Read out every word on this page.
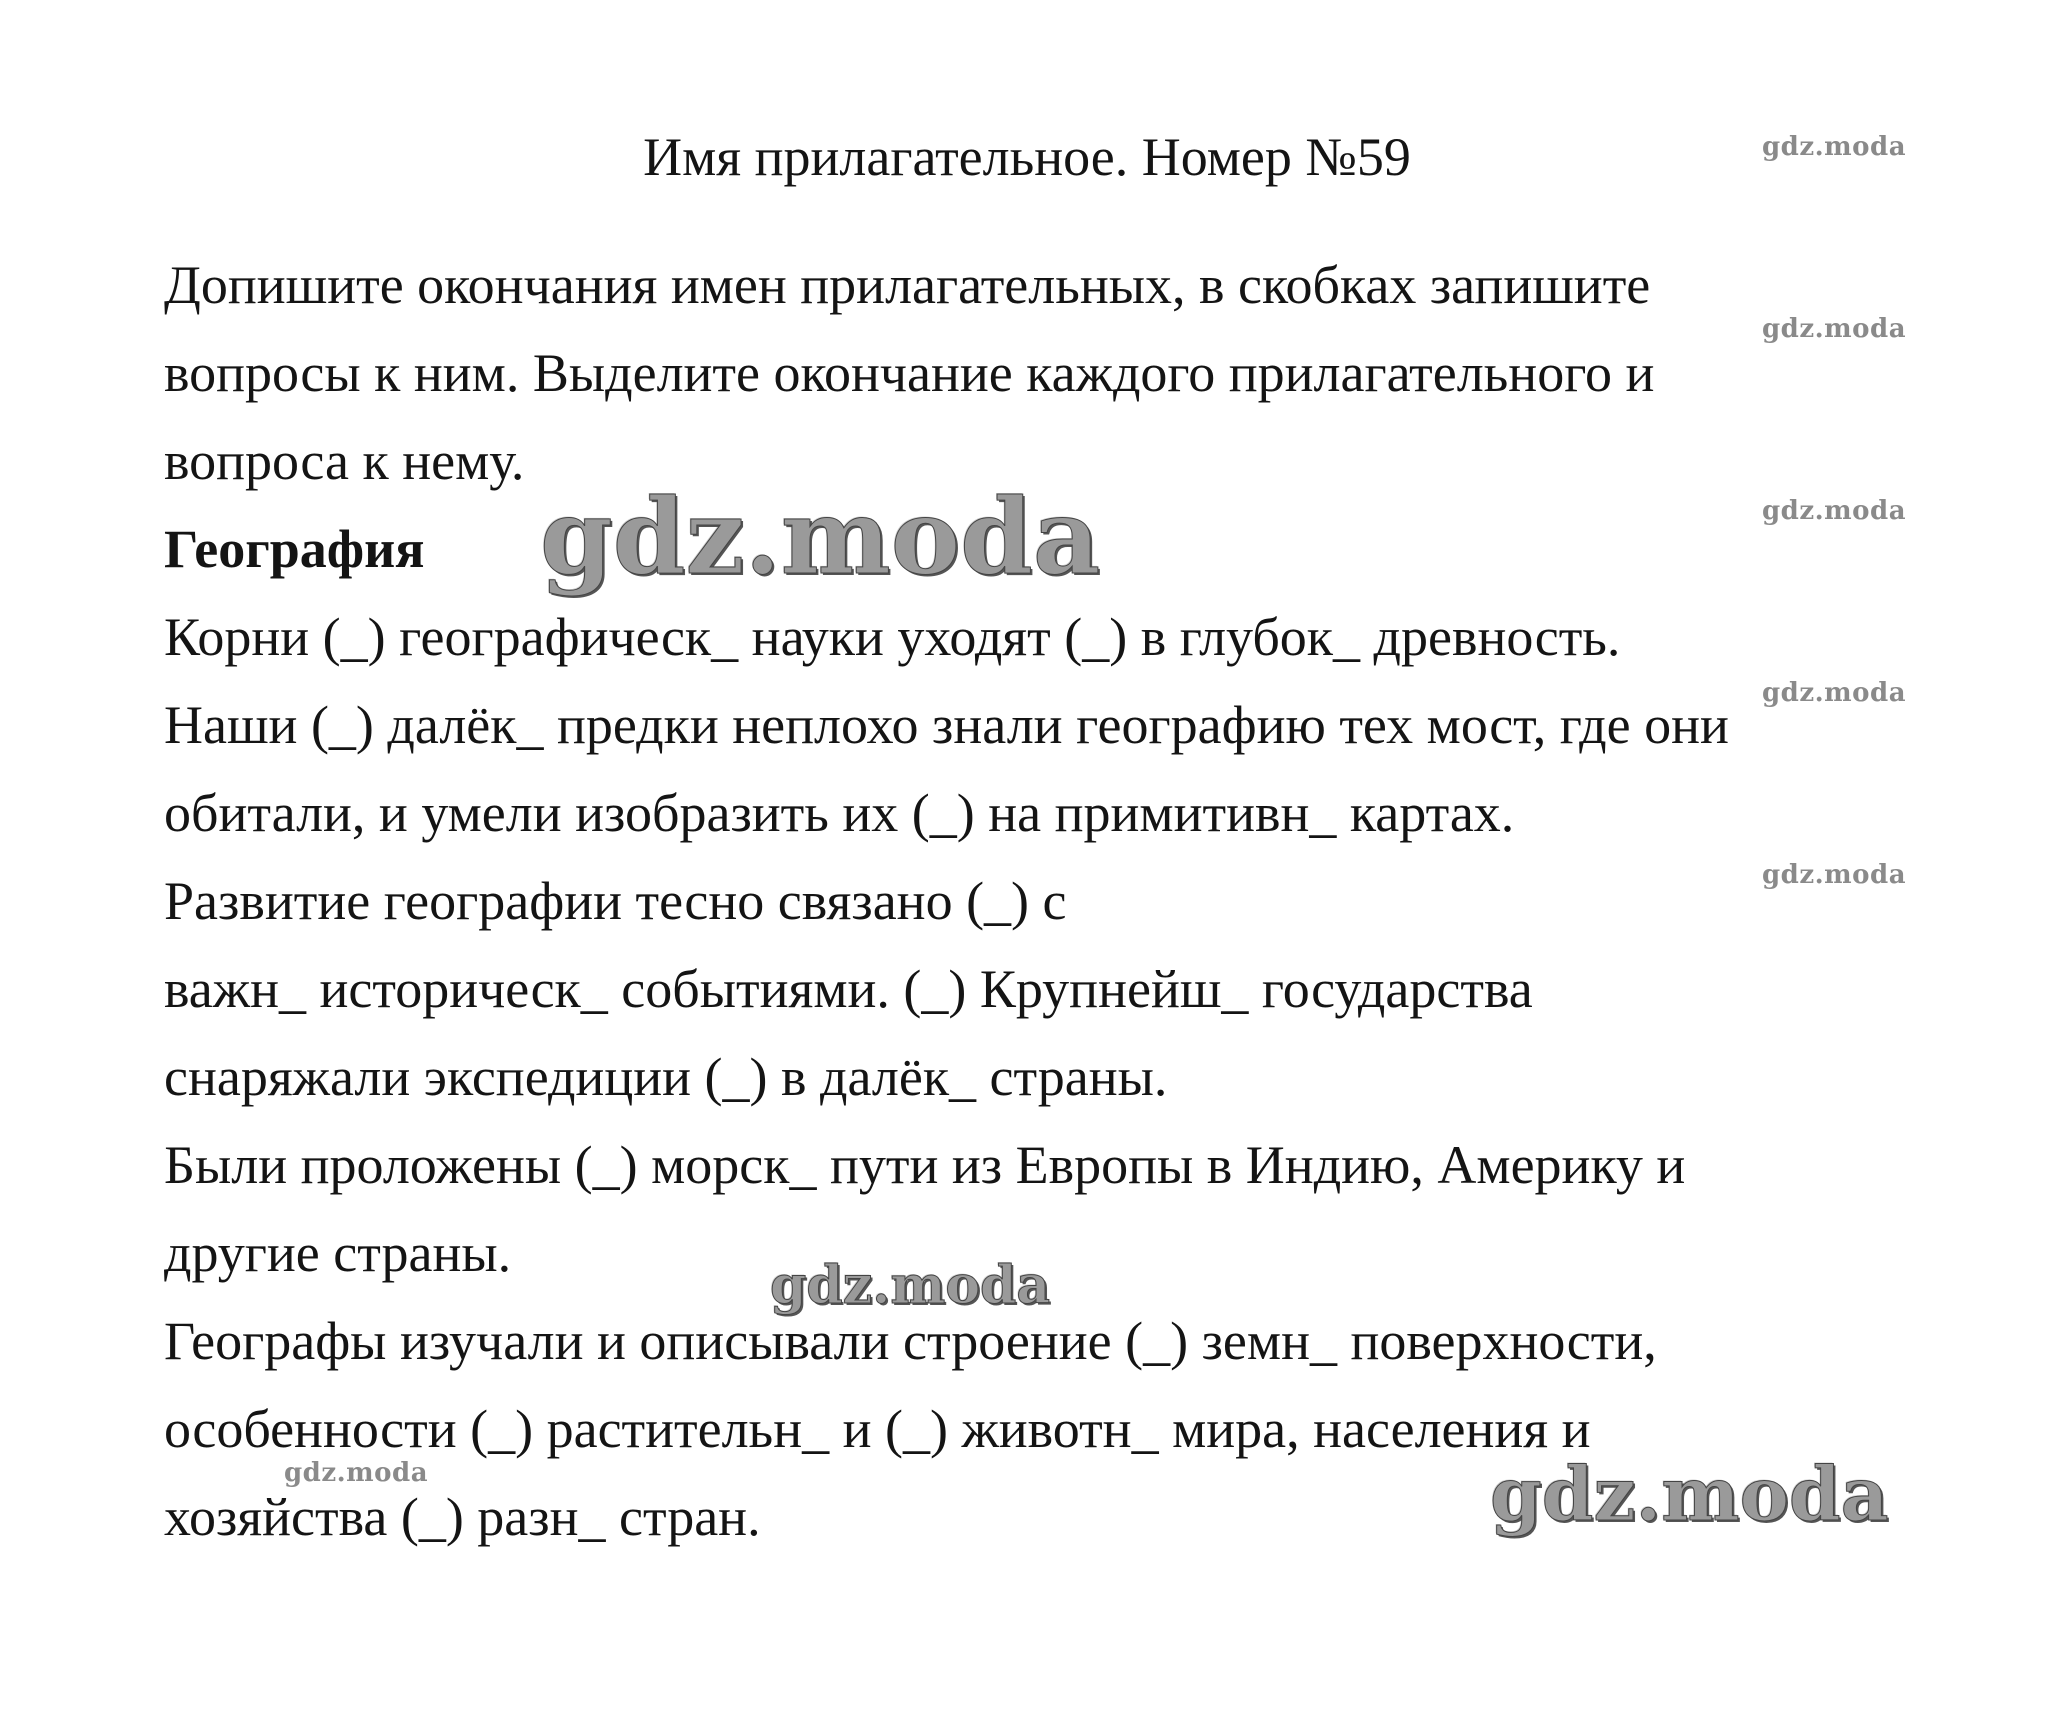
Имя прилагательное. Номер №59
Допишите окончания имен прилагательных, в скобках запишите
вопросы к ним. Выделите окончание каждого прилагательного и
вопроса к нему.
География
Корни (_) географическ_ науки уходят (_) в глубок_ древность.
Наши (_) далёк_ предки неплохо знали географию тех мост, где они
обитали, и умели изобразить их (_) на примитивн_ картах.
Развитие географии тесно связано (_) с
важн_ историческ_ событиями. (_) Крупнейш_ государства
снаряжали экспедиции (_) в далёк_ страны.
Были проложены (_) морск_ пути из Европы в Индию, Америку и
другие страны.
Географы изучали и описывали строение (_) земн_ поверхности,
особенности (_) растительн_ и (_) животн_ мира, населения и
хозяйства (_) разн_ стран.
gdz.moda
gdz.moda
gdz.moda
gdz.moda
gdz.moda
gdz.moda
gdz.moda
gdz.moda
gdz.moda
